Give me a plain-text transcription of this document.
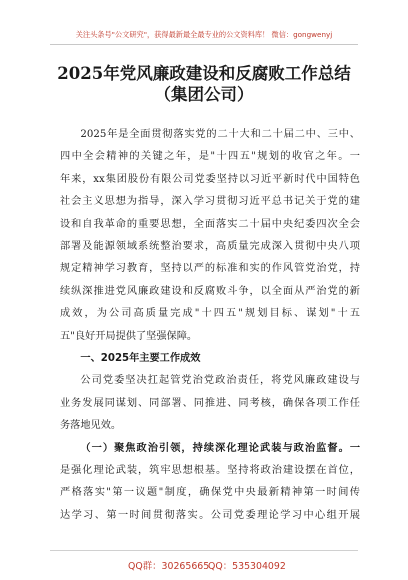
关注头条号"公文研究"，获得最新最全最专业的公文资料库！ 微信：gongwenyj
2025年党风廉政建设和反腐败工作总结
（集团公司）
2025年是全面贯彻落实党的二十大和二十届二中、三中、
四中全会精神的关键之年，是"十四五"规划的收官之年。一
年来，xx集团股份有限公司党委坚持以习近平新时代中国特色
社会主义思想为指导，深入学习贯彻习近平总书记关于党的建
设和自我革命的重要思想，全面落实二十届中央纪委四次全会
部署及能源领域系统整治要求，高质量完成深入贯彻中央八项
规定精神学习教育，坚持以严的标准和实的作风管党治党，持
续纵深推进党风廉政建设和反腐败斗争，以全面从严治党的新
成效，为公司高质量完成"十四五"规划目标、谋划"十五
五"良好开局提供了坚强保障。
一、2025年主要工作成效
公司党委坚决扛起管党治党政治责任，将党风廉政建设与
业务发展同谋划、同部署、同推进、同考核，确保各项工作任
务落地见效。
（一）聚焦政治引领，持续深化理论武装与政治监督。一
是强化理论武装，筑牢思想根基。坚持将政治建设摆在首位，
严格落实"第一议题"制度，确保党中央最新精神第一时间传
达学习、第一时间贯彻落实。公司党委理论学习中心组开展
QQ群：30265665
QQ：535304092
